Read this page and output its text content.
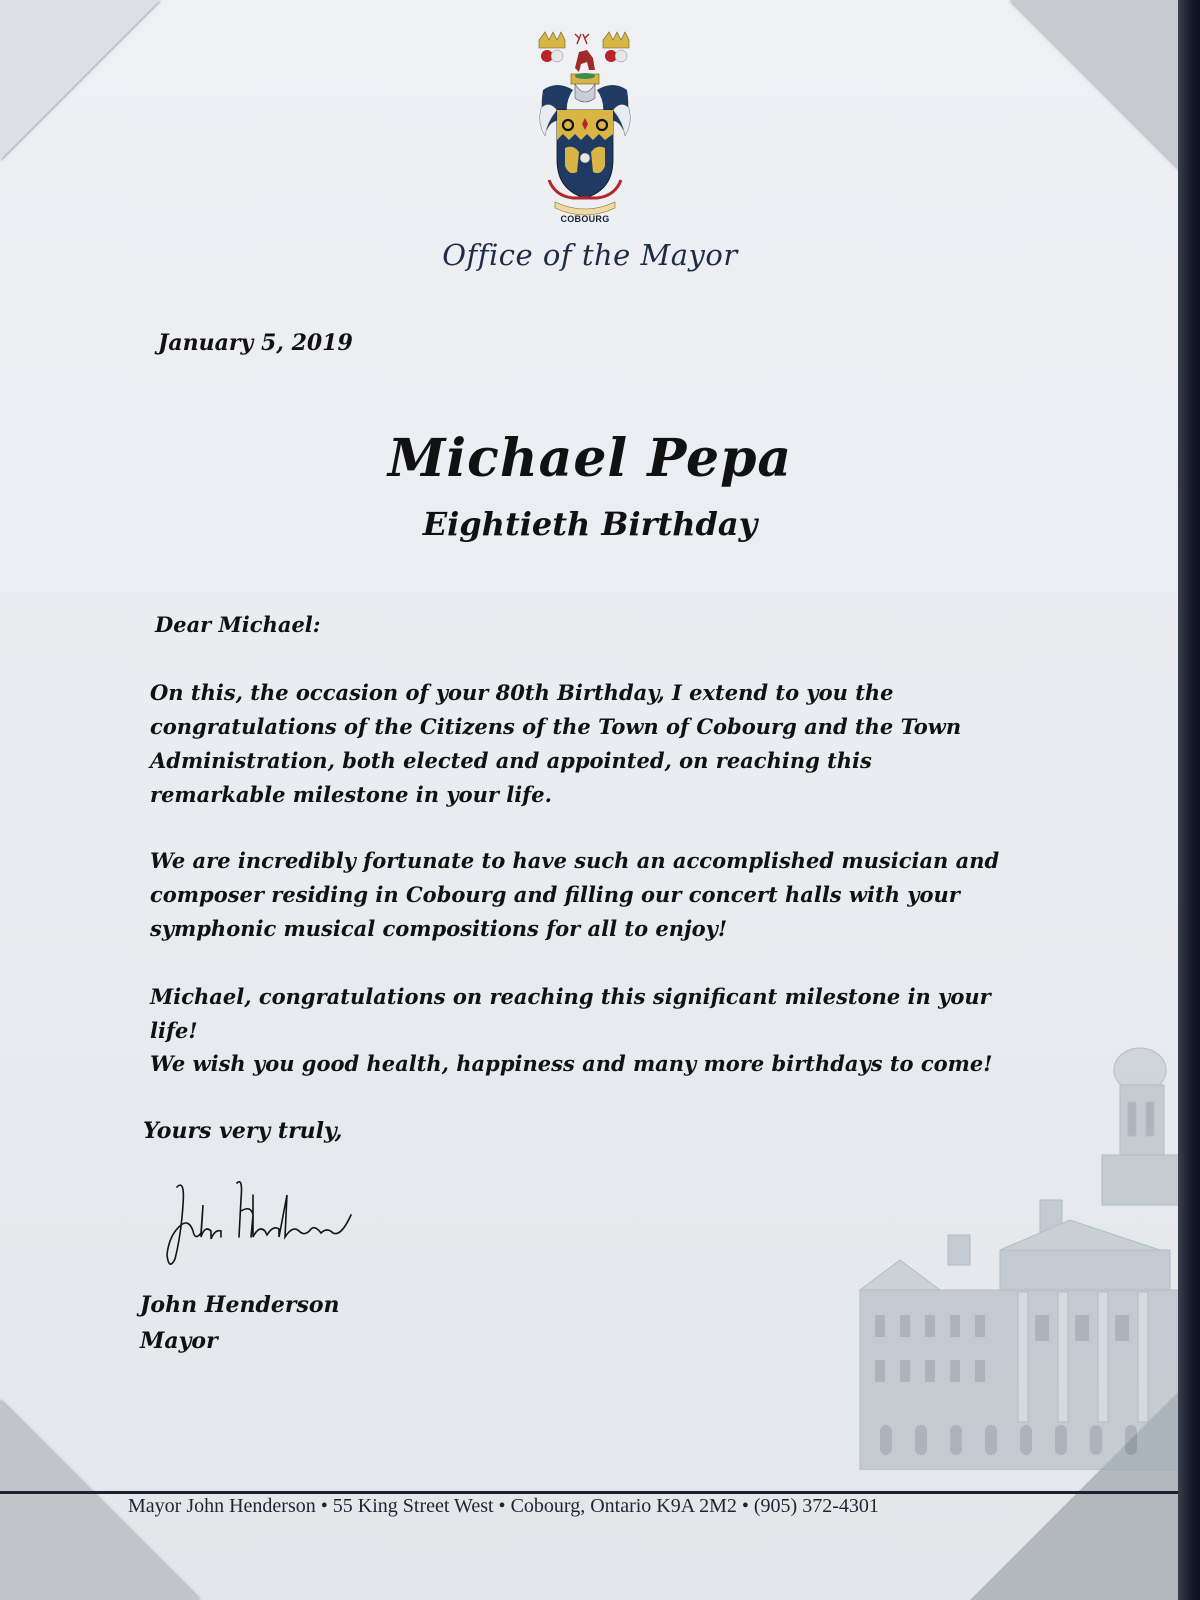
COBOURG
Office of the Mayor
January 5, 2019
Michael Pepa
Eightieth Birthday
Dear Michael:
On this, the occasion of your 80th Birthday, I extend to you the congratulations of the Citizens of the Town of Cobourg and the Town Administration, both elected and appointed, on reaching this remarkable milestone in your life.
We are incredibly fortunate to have such an accomplished musician and composer residing in Cobourg and filling our concert halls with your symphonic musical compositions for all to enjoy!
Michael, congratulations on reaching this significant milestone in your life!
We wish you good health, happiness and many more birthdays to come!
Yours very truly,
John Henderson
Mayor
Mayor John Henderson • 55 King Street West • Cobourg, Ontario K9A 2M2 • (905) 372-4301
